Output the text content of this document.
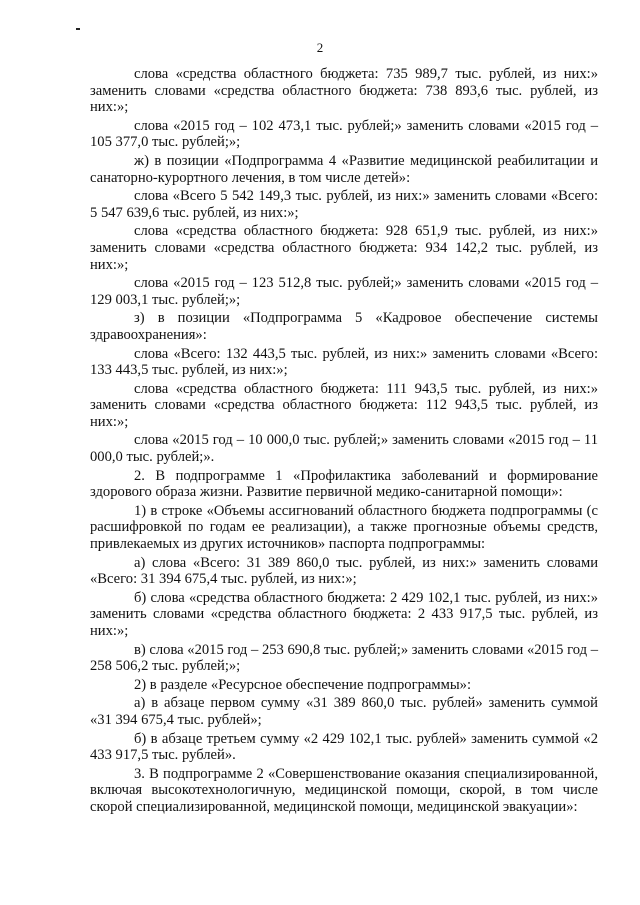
2

слова «средства областного бюджета: 735 989,7 тыс. рублей, из них:» заменить словами «средства областного бюджета: 738 893,6 тыс. рублей, из них:»;

слова «2015 год – 102 473,1 тыс. рублей;» заменить словами «2015 год – 105 377,0 тыс. рублей;»;

ж) в позиции «Подпрограмма 4 «Развитие медицинской реабилитации и санаторно-курортного лечения, в том числе детей»:

слова «Всего 5 542 149,3 тыс. рублей, из них:» заменить словами «Всего: 5 547 639,6 тыс. рублей, из них:»;

слова «средства областного бюджета: 928 651,9 тыс. рублей, из них:» заменить словами «средства областного бюджета: 934 142,2 тыс. рублей, из них:»;

слова «2015 год – 123 512,8 тыс. рублей;» заменить словами «2015 год – 129 003,1 тыс. рублей;»;

з) в позиции «Подпрограмма 5 «Кадровое обеспечение системы здравоохранения»:

слова «Всего: 132 443,5 тыс. рублей, из них:» заменить словами «Всего: 133 443,5 тыс. рублей, из них:»;

слова «средства областного бюджета: 111 943,5 тыс. рублей, из них:» заменить словами «средства областного бюджета: 112 943,5 тыс. рублей, из них:»;

слова «2015 год – 10 000,0 тыс. рублей;» заменить словами «2015 год – 11 000,0 тыс. рублей;».

2. В подпрограмме 1 «Профилактика заболеваний и формирование здорового образа жизни. Развитие первичной медико-санитарной помощи»:

1) в строке «Объемы ассигнований областного бюджета подпрограммы (с расшифровкой по годам ее реализации), а также прогнозные объемы средств, привлекаемых из других источников» паспорта подпрограммы:

а) слова «Всего: 31 389 860,0 тыс. рублей, из них:» заменить словами «Всего: 31 394 675,4 тыс. рублей, из них:»;

б) слова «средства областного бюджета: 2 429 102,1 тыс. рублей, из них:» заменить словами «средства областного бюджета: 2 433 917,5 тыс. рублей, из них:»;

в) слова «2015 год – 253 690,8 тыс. рублей;» заменить словами «2015 год – 258 506,2 тыс. рублей;»;

2) в разделе «Ресурсное обеспечение подпрограммы»:

а) в абзаце первом сумму «31 389 860,0 тыс. рублей» заменить суммой «31 394 675,4 тыс. рублей»;

б) в абзаце третьем сумму «2 429 102,1 тыс. рублей» заменить суммой «2 433 917,5 тыс. рублей».

3. В подпрограмме 2 «Совершенствование оказания специализированной, включая высокотехнологичную, медицинской помощи, скорой, в том числе скорой специализированной, медицинской помощи, медицинской эвакуации»:
